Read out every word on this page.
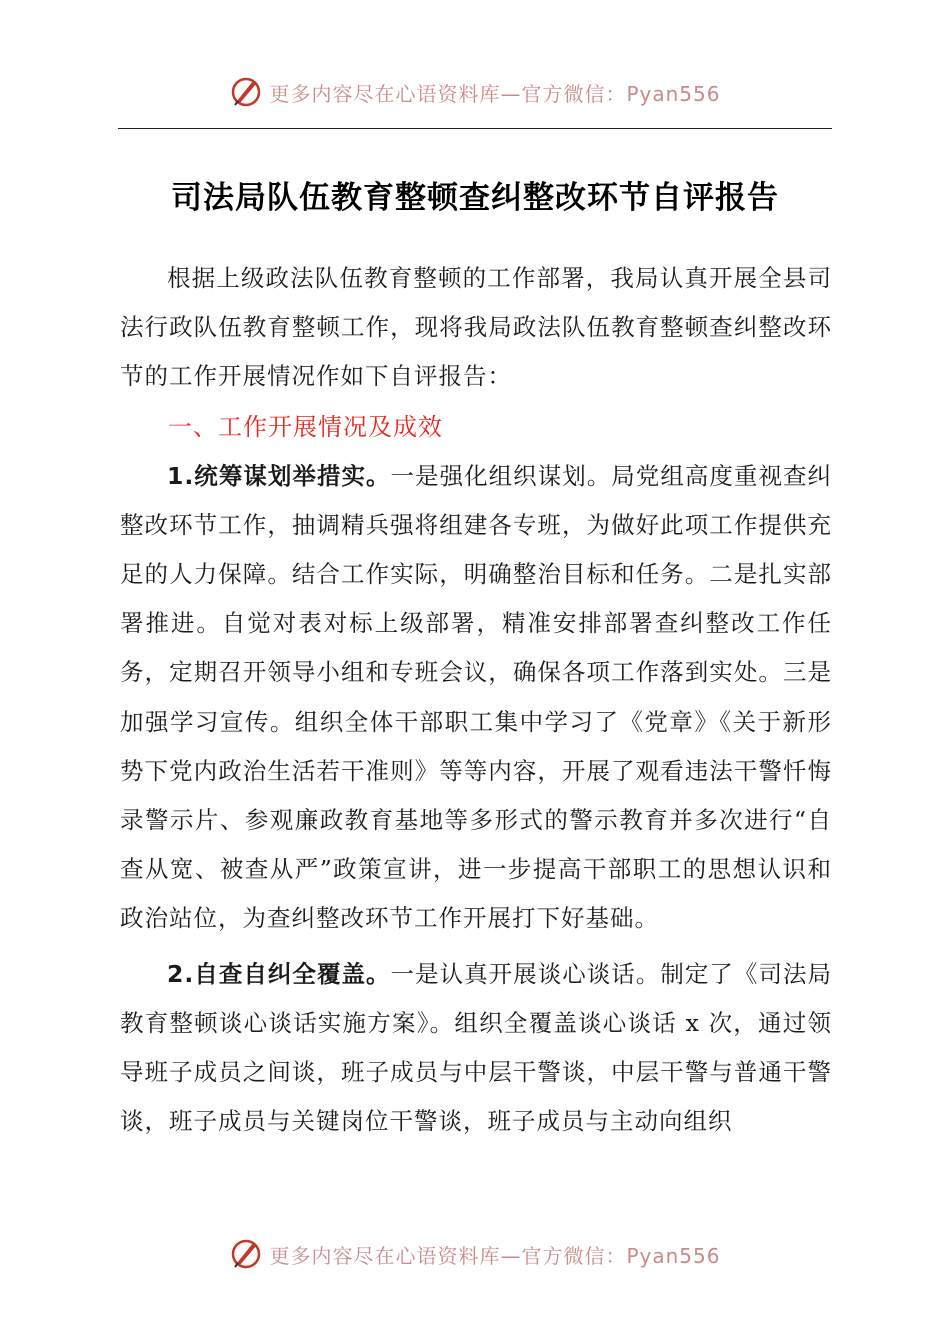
更多内容尽在心语资料库—官方微信：Pyan556
司法局队伍教育整顿查纠整改环节自评报告

根据上级政法队伍教育整顿的工作部署，我局认真开展全县司法行政队伍教育整顿工作，现将我局政法队伍教育整顿查纠整改环节的工作开展情况作如下自评报告：

一、工作开展情况及成效

1.统筹谋划举措实。一是强化组织谋划。局党组高度重视查纠整改环节工作，抽调精兵强将组建各专班，为做好此项工作提供充足的人力保障。结合工作实际，明确整治目标和任务。二是扎实部署推进。自觉对表对标上级部署，精准安排部署查纠整改工作任务，定期召开领导小组和专班会议，确保各项工作落到实处。三是加强学习宣传。组织全体干部职工集中学习了《党章》《关于新形势下党内政治生活若干准则》等等内容，开展了观看违法干警忏悔录警示片、参观廉政教育基地等多形式的警示教育并多次进行“自查从宽、被查从严”政策宣讲，进一步提高干部职工的思想认识和政治站位，为查纠整改环节工作开展打下好基础。

2.自查自纠全覆盖。一是认真开展谈心谈话。制定了《司法局教育整顿谈心谈话实施方案》。组织全覆盖谈心谈话 x 次，通过领导班子成员之间谈，班子成员与中层干警谈，中层干警与普通干警谈，班子成员与关键岗位干警谈，班子成员与主动向组织

更多内容尽在心语资料库—官方微信：Pyan556
